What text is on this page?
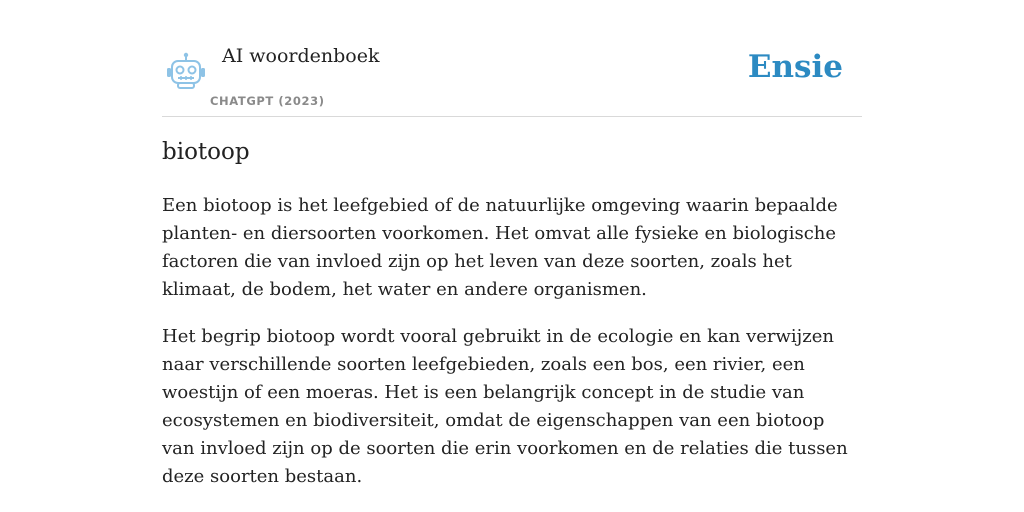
AI woordenboek
CHATGPT (2023)
Ensie
biotoop

Een biotoop is het leefgebied of de natuurlijke omgeving waarin bepaalde planten- en diersoorten voorkomen. Het omvat alle fysieke en biologische factoren die van invloed zijn op het leven van deze soorten, zoals het klimaat, de bodem, het water en andere organismen.

Het begrip biotoop wordt vooral gebruikt in de ecologie en kan verwijzen naar verschillende soorten leefgebieden, zoals een bos, een rivier, een woestijn of een moeras. Het is een belangrijk concept in de studie van ecosystemen en biodiversiteit, omdat de eigenschappen van een biotoop van invloed zijn op de soorten die erin voorkomen en de relaties die tussen deze soorten bestaan.
